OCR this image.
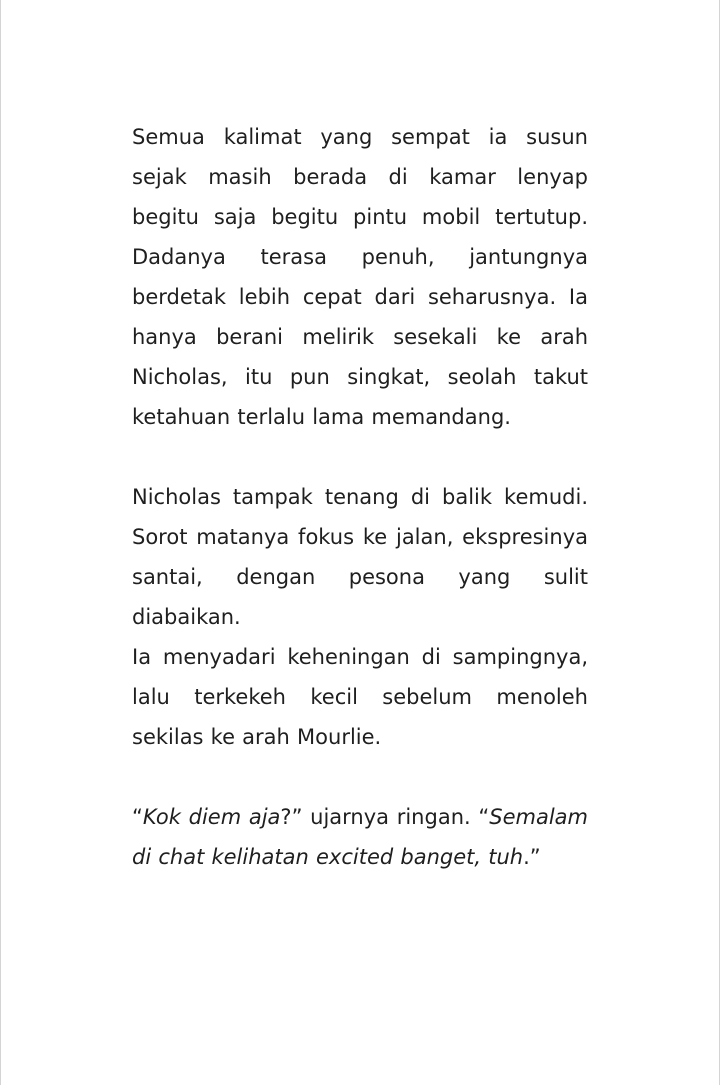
Semua kalimat yang sempat ia susun sejak masih berada di kamar lenyap begitu saja begitu pintu mobil tertutup. Dadanya terasa penuh, jantungnya berdetak lebih cepat dari seharusnya. Ia hanya berani melirik sesekali ke arah Nicholas, itu pun singkat, seolah takut ketahuan terlalu lama memandang.

Nicholas tampak tenang di balik kemudi. Sorot matanya fokus ke jalan, ekspresinya santai, dengan pesona yang sulit diabaikan.

Ia menyadari keheningan di sampingnya, lalu terkekeh kecil sebelum menoleh sekilas ke arah Mourlie.

“Kok diem aja?” ujarnya ringan. “Semalam di chat kelihatan excited banget, tuh.”
